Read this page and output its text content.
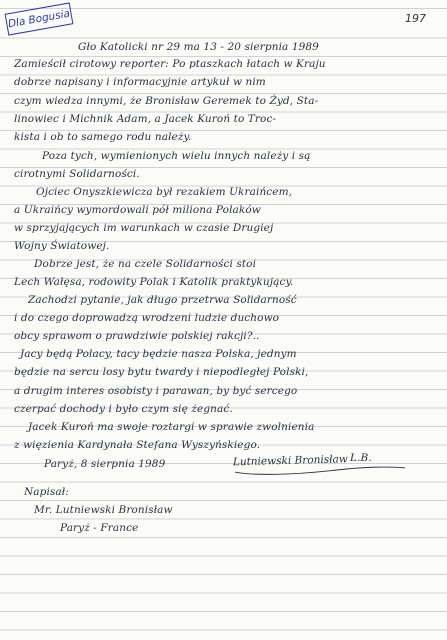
Dla Bogusia	197
Gło Katolicki nr 29 ma 13 - 20 sierpnia 1989
Zamieścił cirotowy reporter: Po ptaszkach łatach w Kraju
dobrze napisany i informacyjnie artykuł w nim
czym wiedza innymi, że Bronisław Geremek to Żyd, Sta-
linowiec i Michnik Adam, a Jacek Kuroń to Troc-
kista i ob to samego rodu należy.
Poza tych, wymienionych wielu innych należy i są
cirotnymi Solidarności.
Ojciec Onyszkiewicza był rezakiem Ukraińcem,
a Ukraińcy wymordowali pół miliona Polaków
w sprzyjających im warunkach w czasie Drugiej
Wojny Światowej.
Dobrze jest, że na czele Solidarności stoi
Lech Wałęsa, rodowity Polak i Katolik praktykujący.
Zachodzi pytanie, jak długo przetrwa Solidarność
i do czego doprowadzą wrodzeni ludzie duchowo
obcy sprawom o prawdziwie polskiej rakcji?..
Jacy będą Polacy, tacy będzie nasza Polska, jednym
będzie na sercu losy bytu twardy i niepodległej Polski,
a drugim interes osobisty i parawan, by być sercego
czerpać dochody i było czym się żegnać.
Jacek Kuroń ma swoje roztargi w sprawie zwolnienia
z więzienia Kardynała Stefana Wyszyńskiego.
Paryż, 8 sierpnia 1989	L.B.
Lutniewski Bronisław
Napisał:
Mr. Lutniewski Bronisław
Paryż - France
